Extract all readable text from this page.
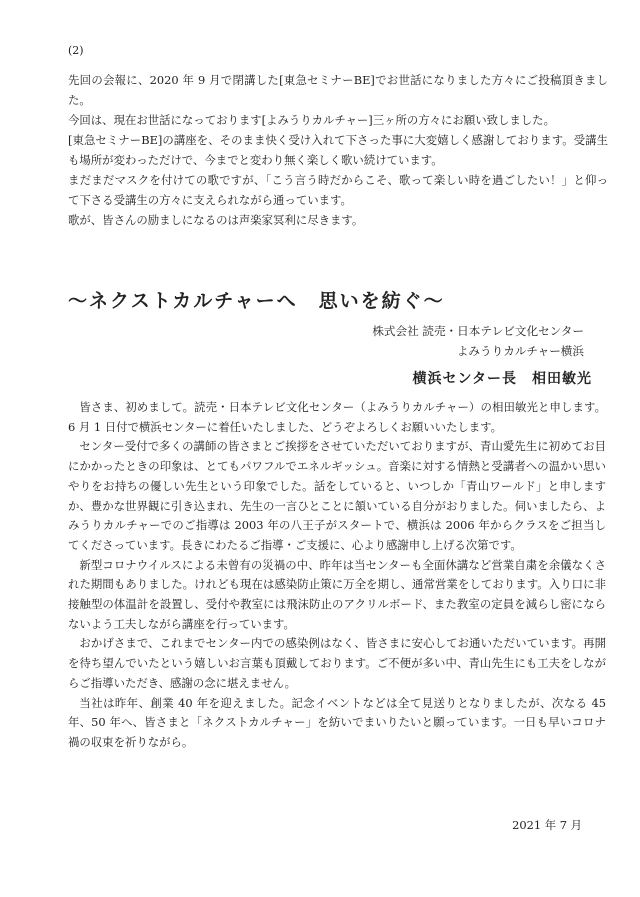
(2)

先回の会報に、2020 年 9 月で閉講した[東急セミナーBE]でお世話になりました方々にご投稿頂きました。

今回は、現在お世話になっております[よみうりカルチャー]三ヶ所の方々にお願い致しました。

[東急セミナーBE]の講座を、そのまま快く受け入れて下さった事に大変嬉しく感謝しております。受講生も場所が変わっただけで、今までと変わり無く楽しく歌い続けています。

まだまだマスクを付けての歌ですが、「こう言う時だからこそ、歌って楽しい時を過ごしたい！」と仰って下さる受講生の方々に支えられながら通っています。

歌が、皆さんの励ましになるのは声楽家冥利に尽きます。

～ネクストカルチャーへ　思いを紡ぐ～
株式会社 読売・日本テレビ文化センター
よみうりカルチャー横浜
横浜センター長　相田敏光

皆さま、初めまして。読売・日本テレビ文化センター（よみうりカルチャー）の相田敏光と申します。6 月 1 日付で横浜センターに着任いたしました、どうぞよろしくお願いいたします。

センター受付で多くの講師の皆さまとご挨拶をさせていただいておりますが、青山愛先生に初めてお目にかかったときの印象は、とてもパワフルでエネルギッシュ。音楽に対する情熱と受講者への温かい思いやりをお持ちの優しい先生という印象でした。話をしていると、いつしか「青山ワールド」と申しますか、豊かな世界観に引き込まれ、先生の一言ひとことに頷いている自分がおりました。伺いましたら、よみうりカルチャーでのご指導は 2003 年の八王子がスタートで、横浜は 2006 年からクラスをご担当してくださっています。長きにわたるご指導・ご支援に、心より感謝申し上げる次第です。

新型コロナウイルスによる未曾有の災禍の中、昨年は当センターも全面休講など営業自粛を余儀なくされた期間もありました。けれども現在は感染防止策に万全を期し、通常営業をしております。入り口に非接触型の体温計を設置し、受付や教室には飛沫防止のアクリルボード、また教室の定員を減らし密にならないよう工夫しながら講座を行っています。

おかげさまで、これまでセンター内での感染例はなく、皆さまに安心してお通いただいています。再開を待ち望んでいたという嬉しいお言葉も頂戴しております。ご不便が多い中、青山先生にも工夫をしながらご指導いただき、感謝の念に堪えません。

当社は昨年、創業 40 年を迎えました。記念イベントなどは全て見送りとなりましたが、次なる 45 年、50 年へ、皆さまと「ネクストカルチャー」を紡いでまいりたいと願っています。一日も早いコロナ禍の収束を祈りながら。

2021 年 7 月
